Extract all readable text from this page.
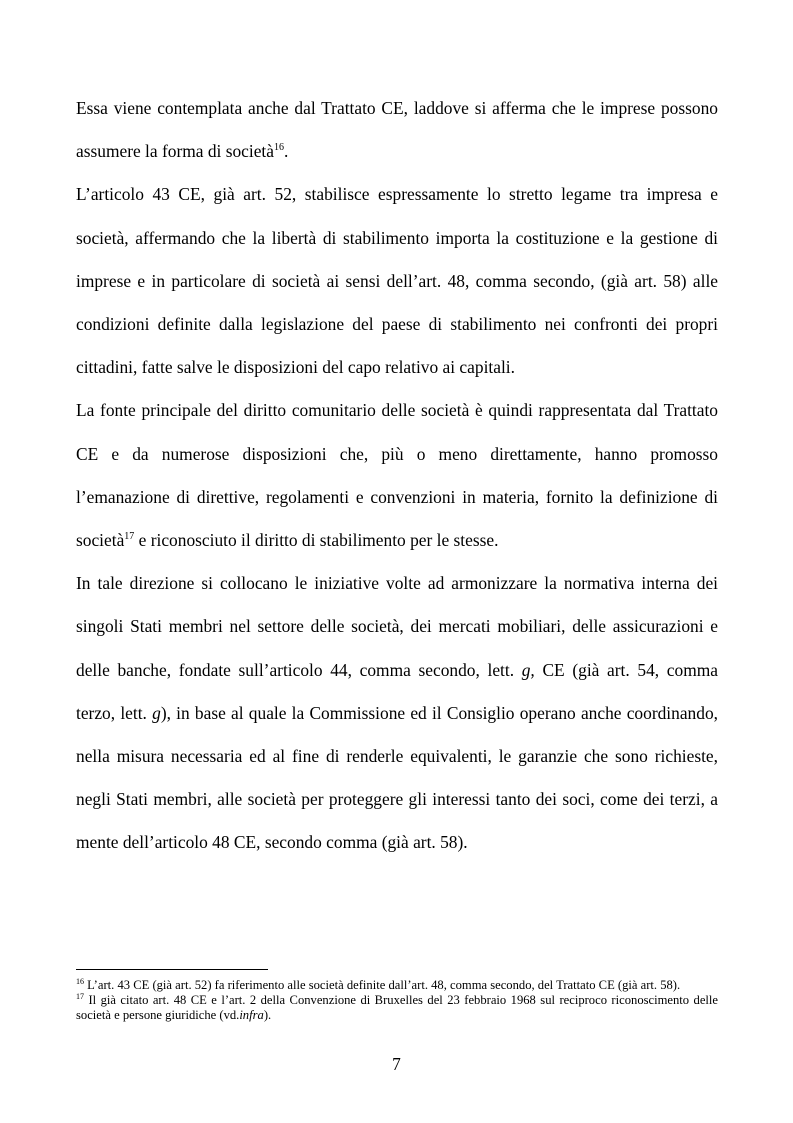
Essa viene contemplata anche dal Trattato CE, laddove si afferma che le imprese possono assumere la forma di società$^{16}$.

L’articolo 43 CE, già art. 52, stabilisce espressamente lo stretto legame tra impresa e società, affermando che la libertà di stabilimento importa la costituzione e la gestione di imprese e in particolare di società ai sensi dell’art. 48, comma secondo, (già art. 58) alle condizioni definite dalla legislazione del paese di stabilimento nei confronti dei propri cittadini, fatte salve le disposizioni del capo relativo ai capitali.

La fonte principale del diritto comunitario delle società è quindi rappresentata dal Trattato CE e da numerose disposizioni che, più o meno direttamente, hanno promosso l’emanazione di direttive, regolamenti e convenzioni in materia, fornito la definizione di società$^{17}$ e riconosciuto il diritto di stabilimento per le stesse.

In tale direzione si collocano le iniziative volte ad armonizzare la normativa interna dei singoli Stati membri nel settore delle società, dei mercati mobiliari, delle assicurazioni e delle banche, fondate sull’articolo 44, comma secondo, lett. g, CE (già art. 54, comma terzo, lett. g), in base al quale la Commissione ed il Consiglio operano anche coordinando, nella misura necessaria ed al fine di renderle equivalenti, le garanzie che sono richieste, negli Stati membri, alle società per proteggere gli interessi tanto dei soci, come dei terzi, a mente dell’articolo 48 CE, secondo comma (già art. 58).

$^{16}$ L’art. 43 CE (già art. 52) fa riferimento alle società definite dall’art. 48, comma secondo, del Trattato CE (già art. 58).

$^{17}$ Il già citato art. 48 CE e l’art. 2 della Convenzione di Bruxelles del 23 febbraio 1968 sul reciproco riconoscimento delle società e persone giuridiche (vd.infra).

7
